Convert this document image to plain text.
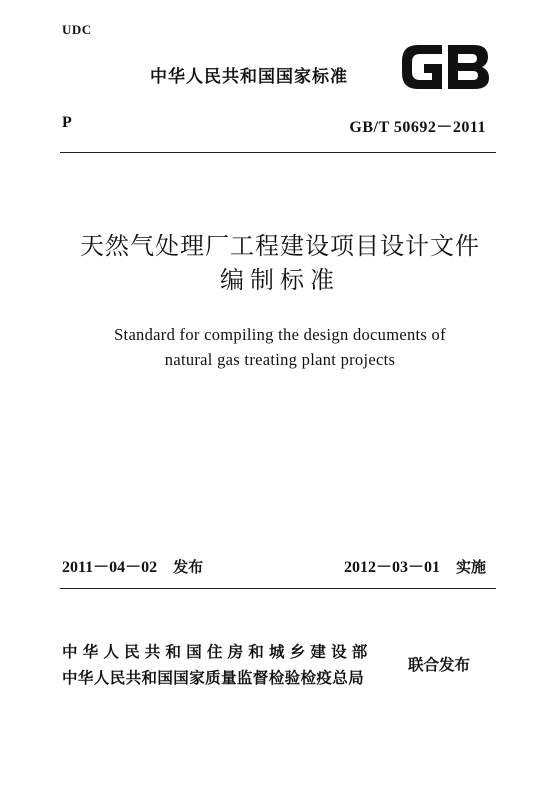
UDC
中华人民共和国国家标准
P	GB/T 50692－2011
天然气处理厂工程建设项目设计文件
编制标准
Standard for compiling the design documents of
natural gas treating plant projects
2011－04－02 发布	2012－03－01 实施
中华人民共和国住房和城乡建设部
中华人民共和国国家质量监督检验检疫总局
联合发布
